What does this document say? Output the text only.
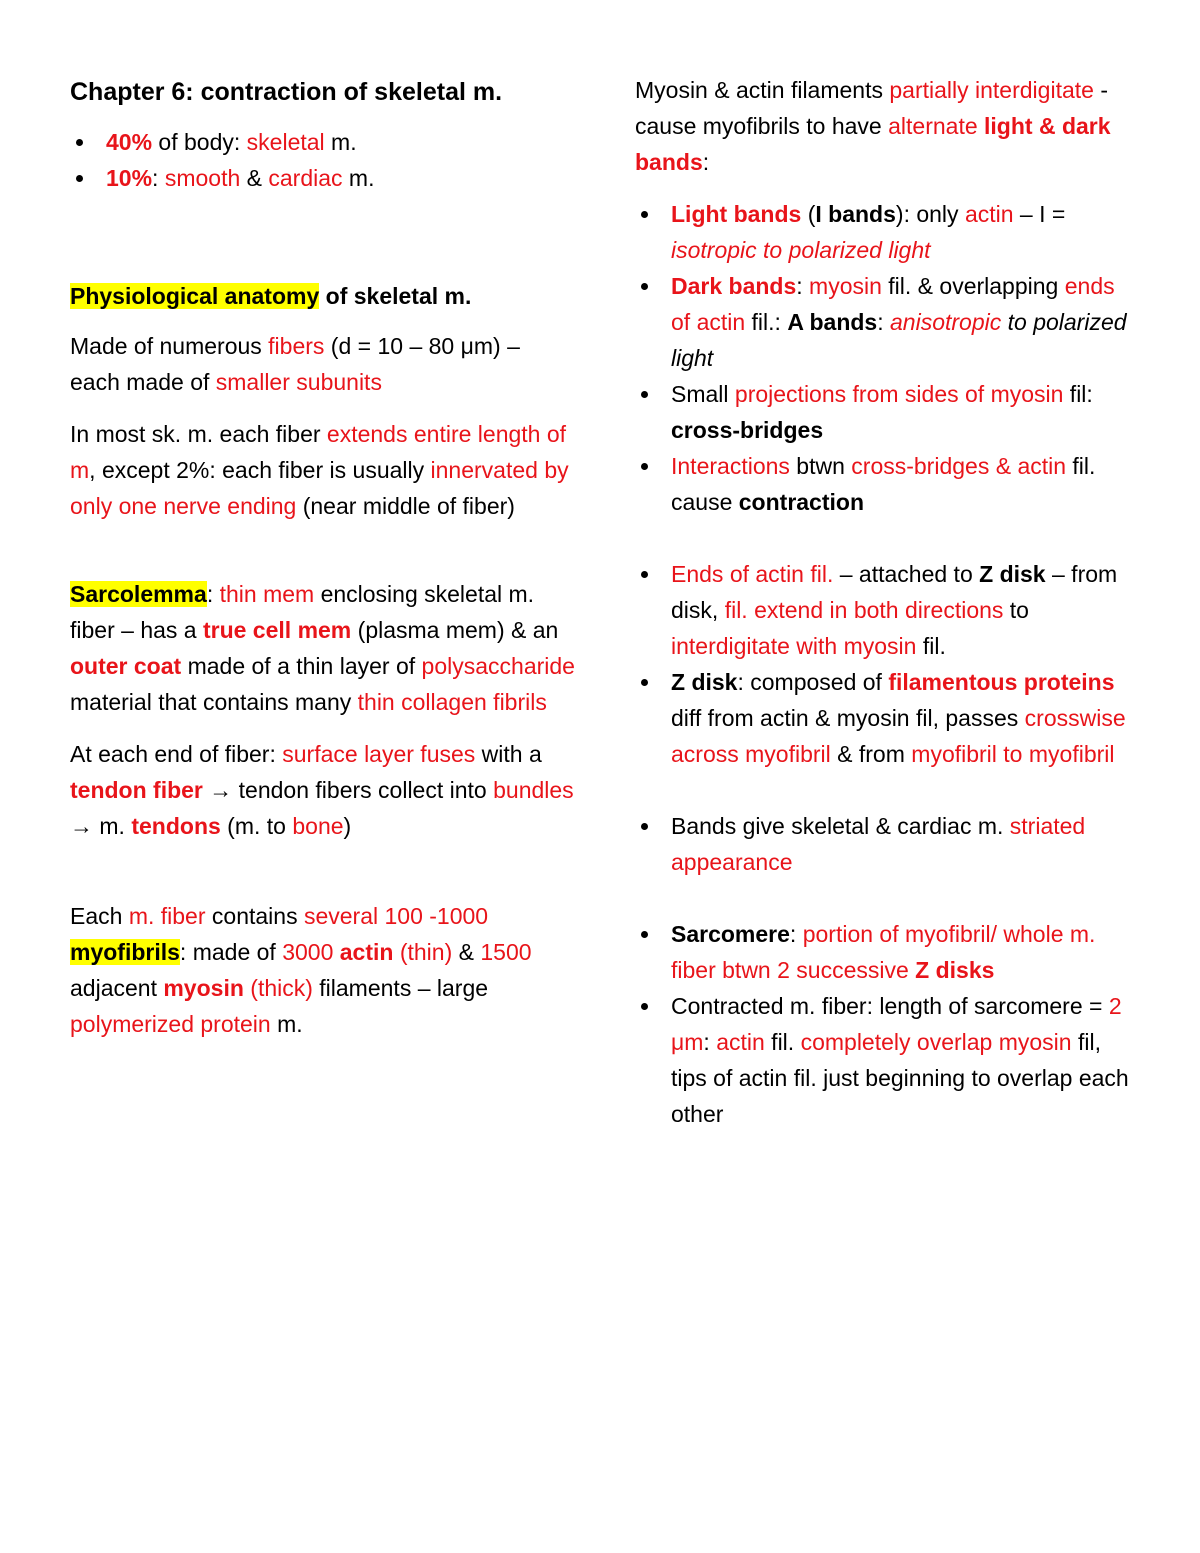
Chapter 6: contraction of skeletal m.
40% of body: skeletal m.
10%: smooth & cardiac m.
Physiological anatomy of skeletal m.

Made of numerous fibers (d = 10 – 80 μm) – each made of smaller subunits

In most sk. m. each fiber extends entire length of m, except 2%: each fiber is usually innervated by only one nerve ending (near middle of fiber)

Sarcolemma: thin mem enclosing skeletal m. fiber – has a true cell mem (plasma mem) & an outer coat made of a thin layer of polysaccharide material that contains many thin collagen fibrils

At each end of fiber: surface layer fuses with a tendon fiber → tendon fibers collect into bundles → m. tendons (m. to bone)

Each m. fiber contains several 100 -1000 myofibrils: made of 3000 actin (thin) & 1500 adjacent myosin (thick) filaments – large polymerized protein m.

Myosin & actin filaments partially interdigitate - cause myofibrils to have alternate light & dark bands:

Light bands (I bands): only actin – I = isotropic to polarized light
Dark bands: myosin fil. & overlapping ends of actin fil.: A bands: anisotropic to polarized light
Small projections from sides of myosin fil: cross-bridges
Interactions btwn cross-bridges & actin fil. cause contraction
Ends of actin fil. – attached to Z disk – from disk, fil. extend in both directions to interdigitate with myosin fil.
Z disk: composed of filamentous proteins diff from actin & myosin fil, passes crosswise across myofibril & from myofibril to myofibril
Bands give skeletal & cardiac m. striated appearance
Sarcomere: portion of myofibril/ whole m. fiber btwn 2 successive Z disks
Contracted m. fiber: length of sarcomere = 2 μm: actin fil. completely overlap myosin fil, tips of actin fil. just beginning to overlap each other
